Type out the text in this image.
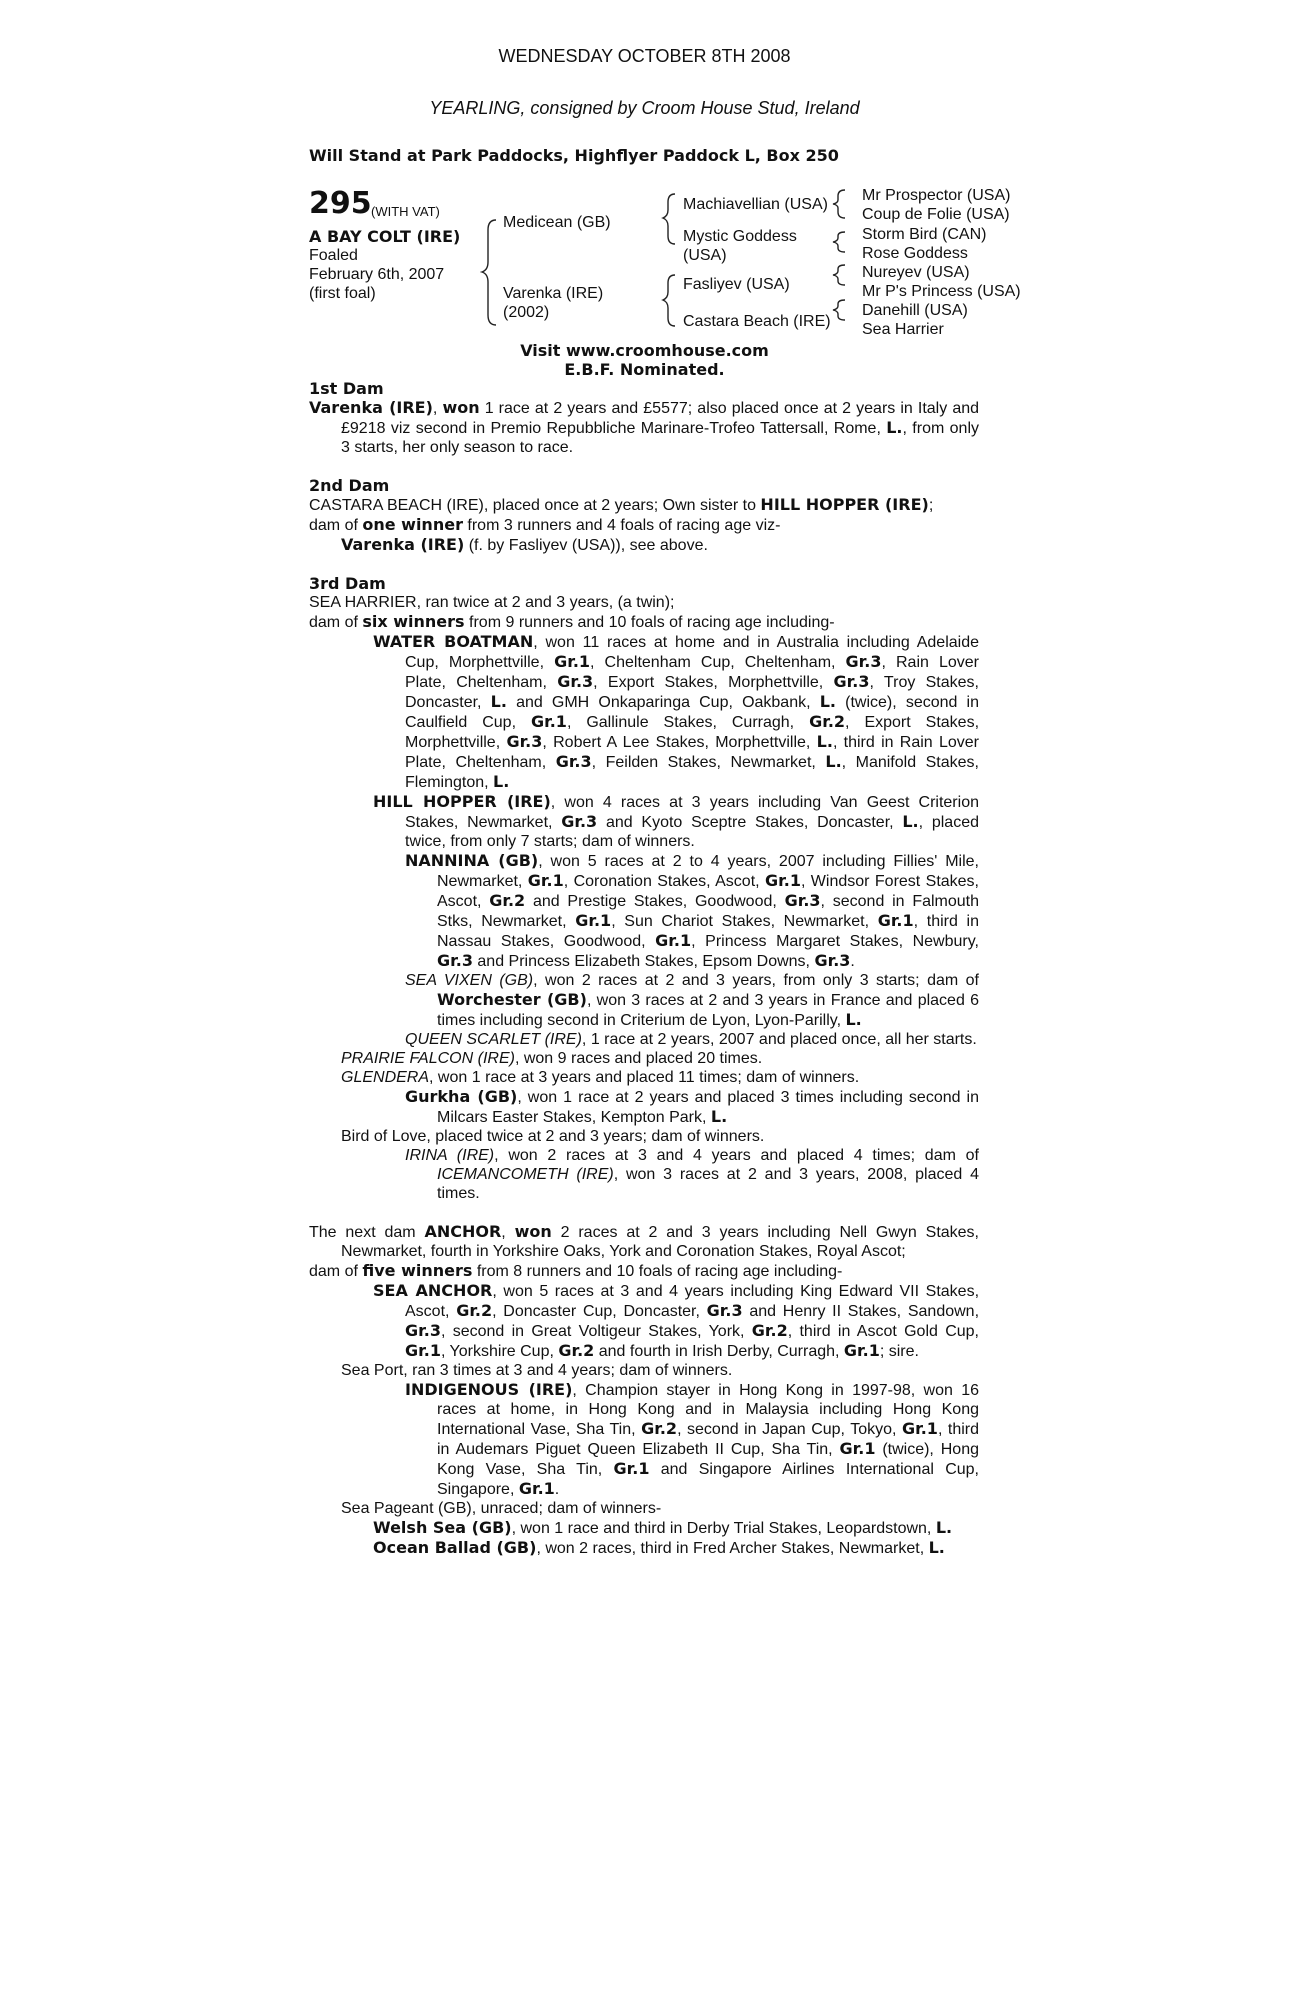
WEDNESDAY OCTOBER 8TH 2008
YEARLING, consigned by Croom House Stud, Ireland
Will Stand at Park Paddocks, Highflyer Paddock L, Box 250
295 (WITH VAT)
A BAY COLT (IRE)
Foaled
February 6th, 2007
(first foal)
Medicean (GB)
Varenka (IRE)
(2002)
Machiavellian (USA)
Mystic Goddess
(USA)
Fasliyev (USA)
Castara Beach (IRE)
Mr Prospector (USA)
Coup de Folie (USA)
Storm Bird (CAN)
Rose Goddess
Nureyev (USA)
Mr P's Princess (USA)
Danehill (USA)
Sea Harrier
Visit www.croomhouse.com
E.B.F. Nominated.
1st Dam

Varenka (IRE), won 1 race at 2 years and £5577; also placed once at 2 years in Italy and £9218 viz second in Premio Repubbliche Marinare-Trofeo Tattersall, Rome, L., from only 3 starts, her only season to race.

2nd Dam

CASTARA BEACH (IRE), placed once at 2 years; Own sister to HILL HOPPER (IRE);

dam of one winner from 3 runners and 4 foals of racing age viz-

Varenka (IRE) (f. by Fasliyev (USA)), see above.

3rd Dam

SEA HARRIER, ran twice at 2 and 3 years, (a twin);

dam of six winners from 9 runners and 10 foals of racing age including-

WATER BOATMAN, won 11 races at home and in Australia including Adelaide Cup, Morphettville, Gr.1, Cheltenham Cup, Cheltenham, Gr.3, Rain Lover Plate, Cheltenham, Gr.3, Export Stakes, Morphettville, Gr.3, Troy Stakes, Doncaster, L. and GMH Onkaparinga Cup, Oakbank, L. (twice), second in Caulfield Cup, Gr.1, Gallinule Stakes, Curragh, Gr.2, Export Stakes, Morphettville, Gr.3, Robert A Lee Stakes, Morphettville, L., third in Rain Lover Plate, Cheltenham, Gr.3, Feilden Stakes, Newmarket, L., Manifold Stakes, Flemington, L.

HILL HOPPER (IRE), won 4 races at 3 years including Van Geest Criterion Stakes, Newmarket, Gr.3 and Kyoto Sceptre Stakes, Doncaster, L., placed twice, from only 7 starts; dam of winners.

NANNINA (GB), won 5 races at 2 to 4 years, 2007 including Fillies' Mile, Newmarket, Gr.1, Coronation Stakes, Ascot, Gr.1, Windsor Forest Stakes, Ascot, Gr.2 and Prestige Stakes, Goodwood, Gr.3, second in Falmouth Stks, Newmarket, Gr.1, Sun Chariot Stakes, Newmarket, Gr.1, third in Nassau Stakes, Goodwood, Gr.1, Princess Margaret Stakes, Newbury, Gr.3 and Princess Elizabeth Stakes, Epsom Downs, Gr.3.

SEA VIXEN (GB), won 2 races at 2 and 3 years, from only 3 starts; dam of Worchester (GB), won 3 races at 2 and 3 years in France and placed 6 times including second in Criterium de Lyon, Lyon-Parilly, L.

QUEEN SCARLET (IRE), 1 race at 2 years, 2007 and placed once, all her starts.

PRAIRIE FALCON (IRE), won 9 races and placed 20 times.

GLENDERA, won 1 race at 3 years and placed 11 times; dam of winners.

Gurkha (GB), won 1 race at 2 years and placed 3 times including second in Milcars Easter Stakes, Kempton Park, L.

Bird of Love, placed twice at 2 and 3 years; dam of winners.

IRINA (IRE), won 2 races at 3 and 4 years and placed 4 times; dam of ICEMANCOMETH (IRE), won 3 races at 2 and 3 years, 2008, placed 4 times.

The next dam ANCHOR, won 2 races at 2 and 3 years including Nell Gwyn Stakes, Newmarket, fourth in Yorkshire Oaks, York and Coronation Stakes, Royal Ascot;

dam of five winners from 8 runners and 10 foals of racing age including-

SEA ANCHOR, won 5 races at 3 and 4 years including King Edward VII Stakes, Ascot, Gr.2, Doncaster Cup, Doncaster, Gr.3 and Henry II Stakes, Sandown, Gr.3, second in Great Voltigeur Stakes, York, Gr.2, third in Ascot Gold Cup, Gr.1, Yorkshire Cup, Gr.2 and fourth in Irish Derby, Curragh, Gr.1; sire.

Sea Port, ran 3 times at 3 and 4 years; dam of winners.

INDIGENOUS (IRE), Champion stayer in Hong Kong in 1997-98, won 16 races at home, in Hong Kong and in Malaysia including Hong Kong International Vase, Sha Tin, Gr.2, second in Japan Cup, Tokyo, Gr.1, third in Audemars Piguet Queen Elizabeth II Cup, Sha Tin, Gr.1 (twice), Hong Kong Vase, Sha Tin, Gr.1 and Singapore Airlines International Cup, Singapore, Gr.1.

Sea Pageant (GB), unraced; dam of winners-

Welsh Sea (GB), won 1 race and third in Derby Trial Stakes, Leopardstown, L.

Ocean Ballad (GB), won 2 races, third in Fred Archer Stakes, Newmarket, L.
